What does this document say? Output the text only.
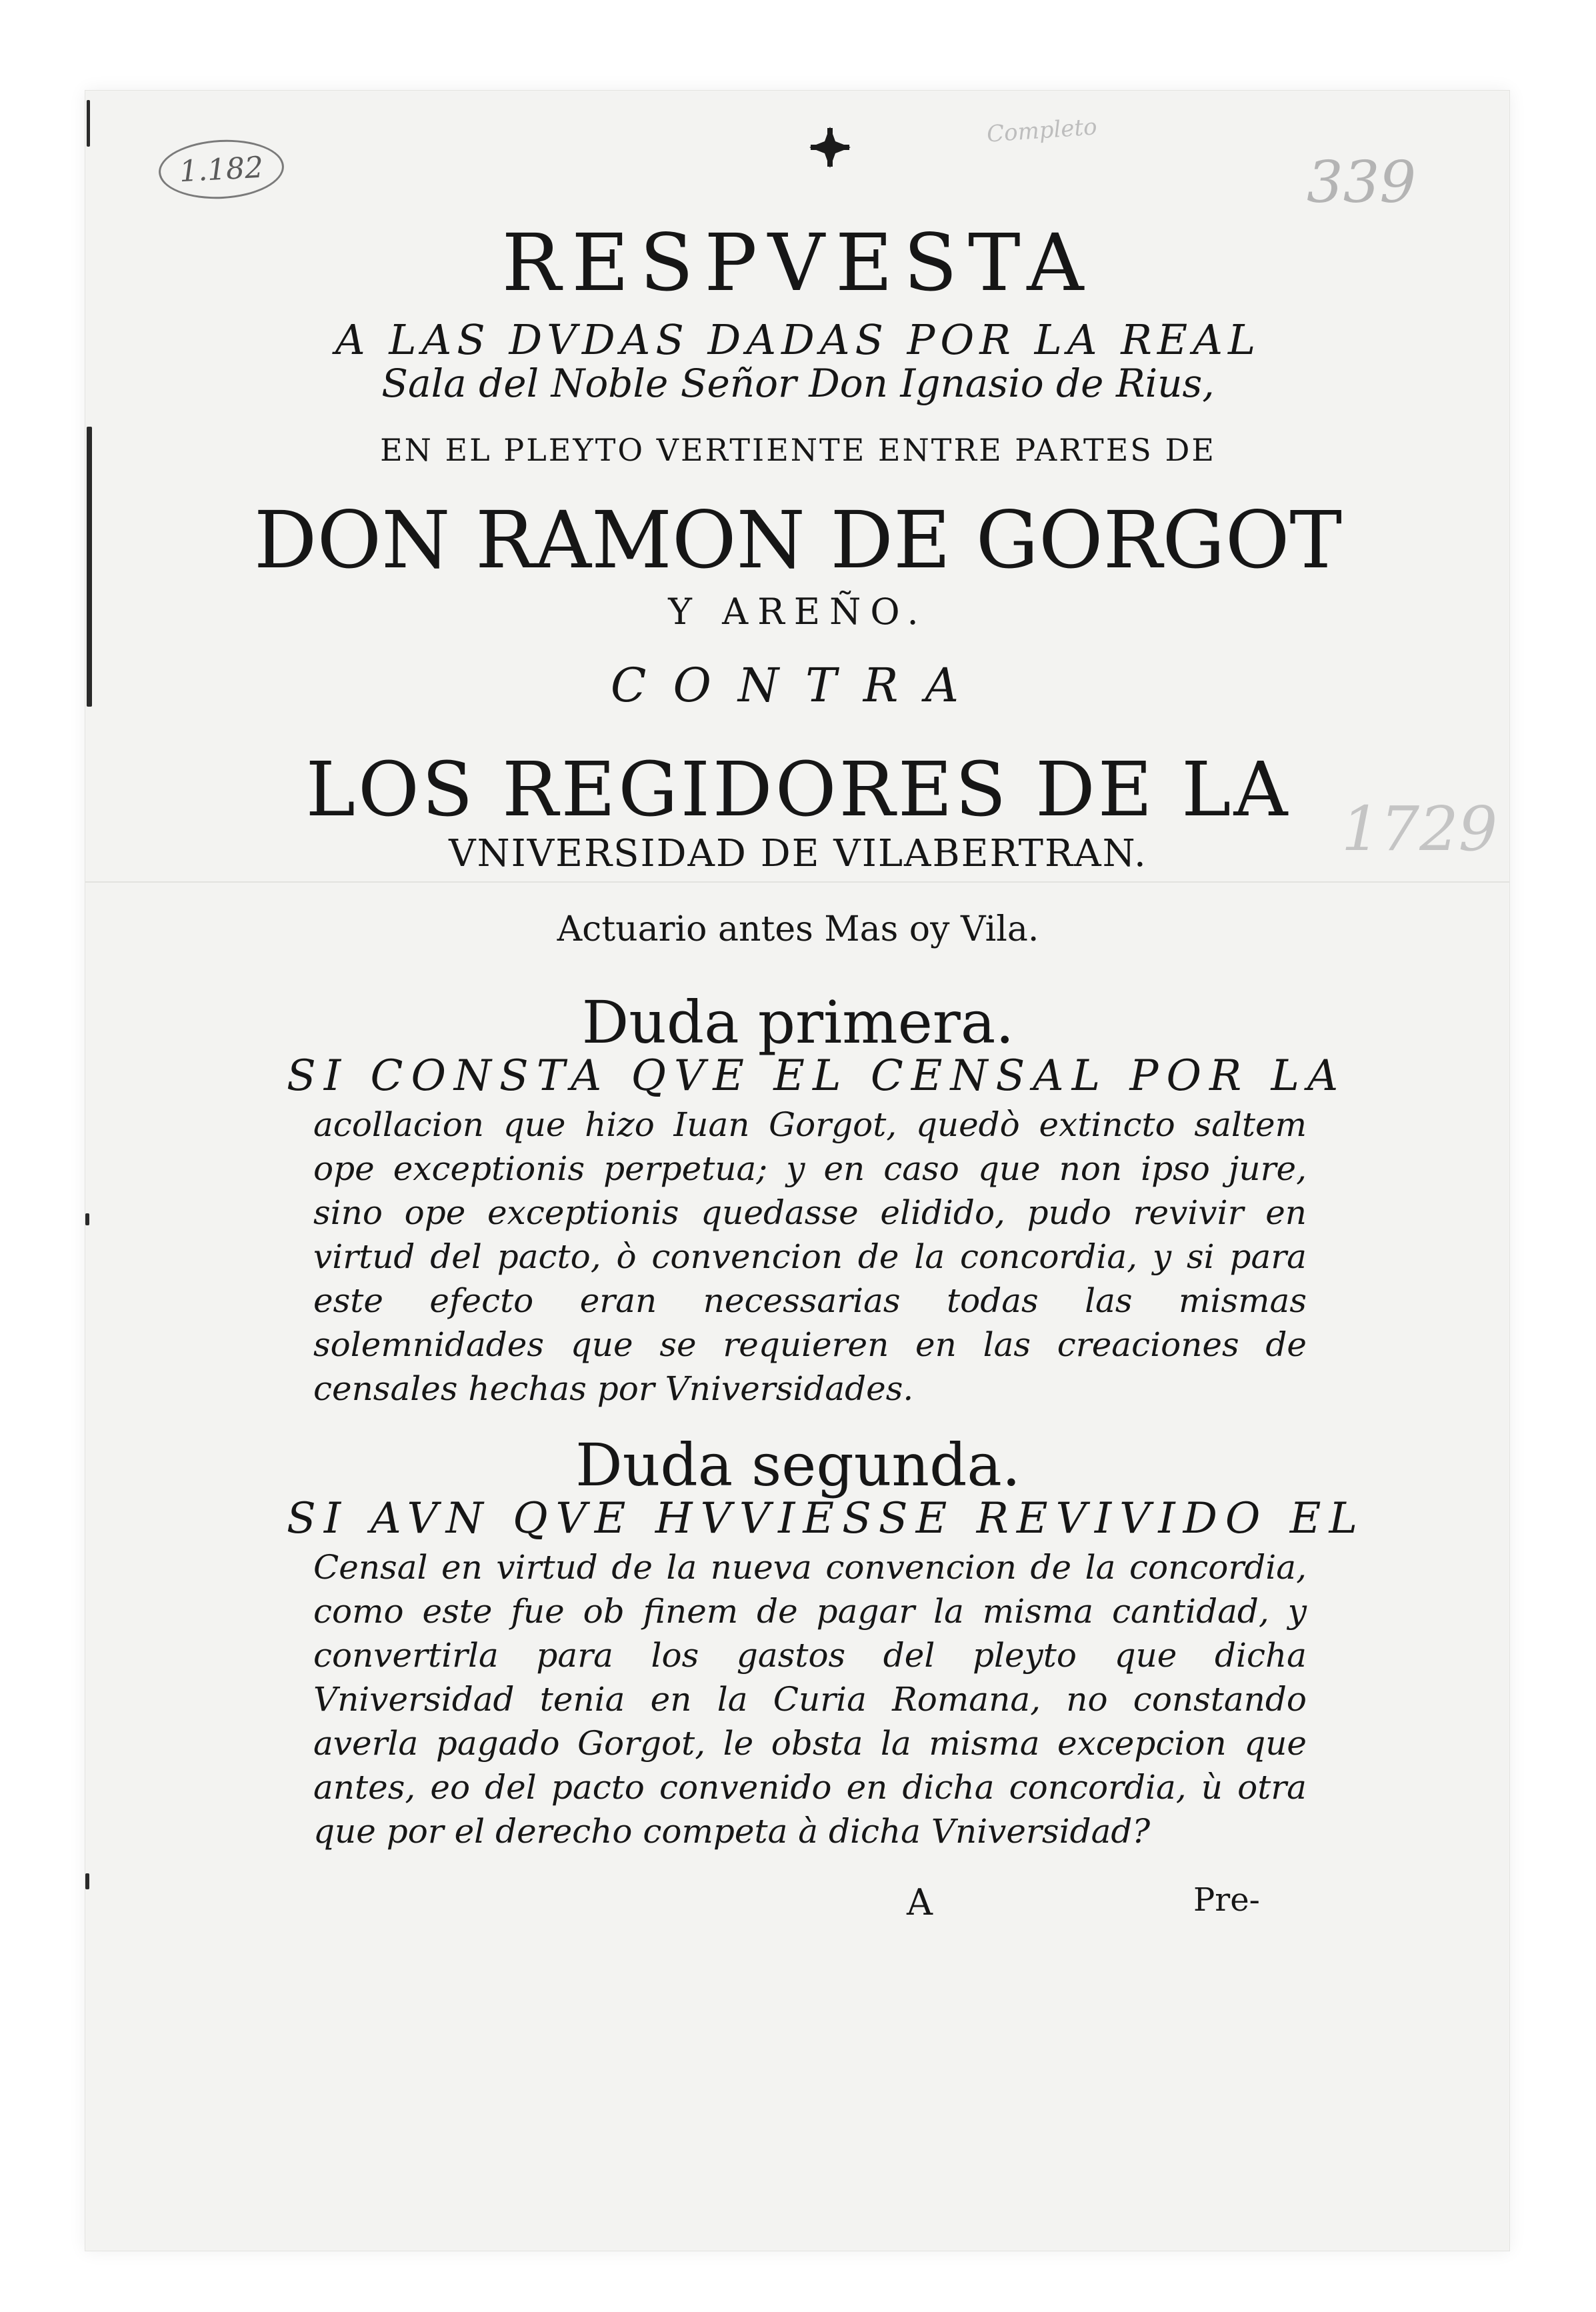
1.182
Completo
339
1729
RESPVESTA
A LAS DVDAS DADAS POR LA REAL
Sala del Noble Señor Don Ignasio de Rius,
EN EL PLEYTO VERTIENTE ENTRE PARTES DE
DON RAMON DE GORGOT
Y AREÑO.
CONTRA
LOS REGIDORES DE LA
VNIVERSIDAD DE VILABERTRAN.
Actuario antes Mas oy Vila.
Duda primera.

SI CONSTA QVE EL CENSAL POR LA
acollacion que hizo Iuan Gorgot, quedò extincto saltem ope exceptionis perpetua; y en caso que non ipso jure, sino ope exceptionis quedasse elidido, pudo revivir en virtud del pacto, ò convencion de la concordia, y si para este efecto eran necessarias todas las mismas solemnidades que se requieren en las creaciones de censales hechas por Vniversidades.

Duda segunda.

SI AVN QVE HVVIESSE REVIVIDO EL
Censal en virtud de la nueva convencion de la concordia, como este fue ob finem de pagar la misma cantidad, y convertirla para los gastos del pleyto que dicha Vniversidad tenia en la Curia Romana, no constando averla pagado Gorgot, le obsta la misma excepcion que antes, eo del pacto convenido en dicha concordia, ù otra que por el derecho competa à dicha Vniversidad?

A	Pre-
